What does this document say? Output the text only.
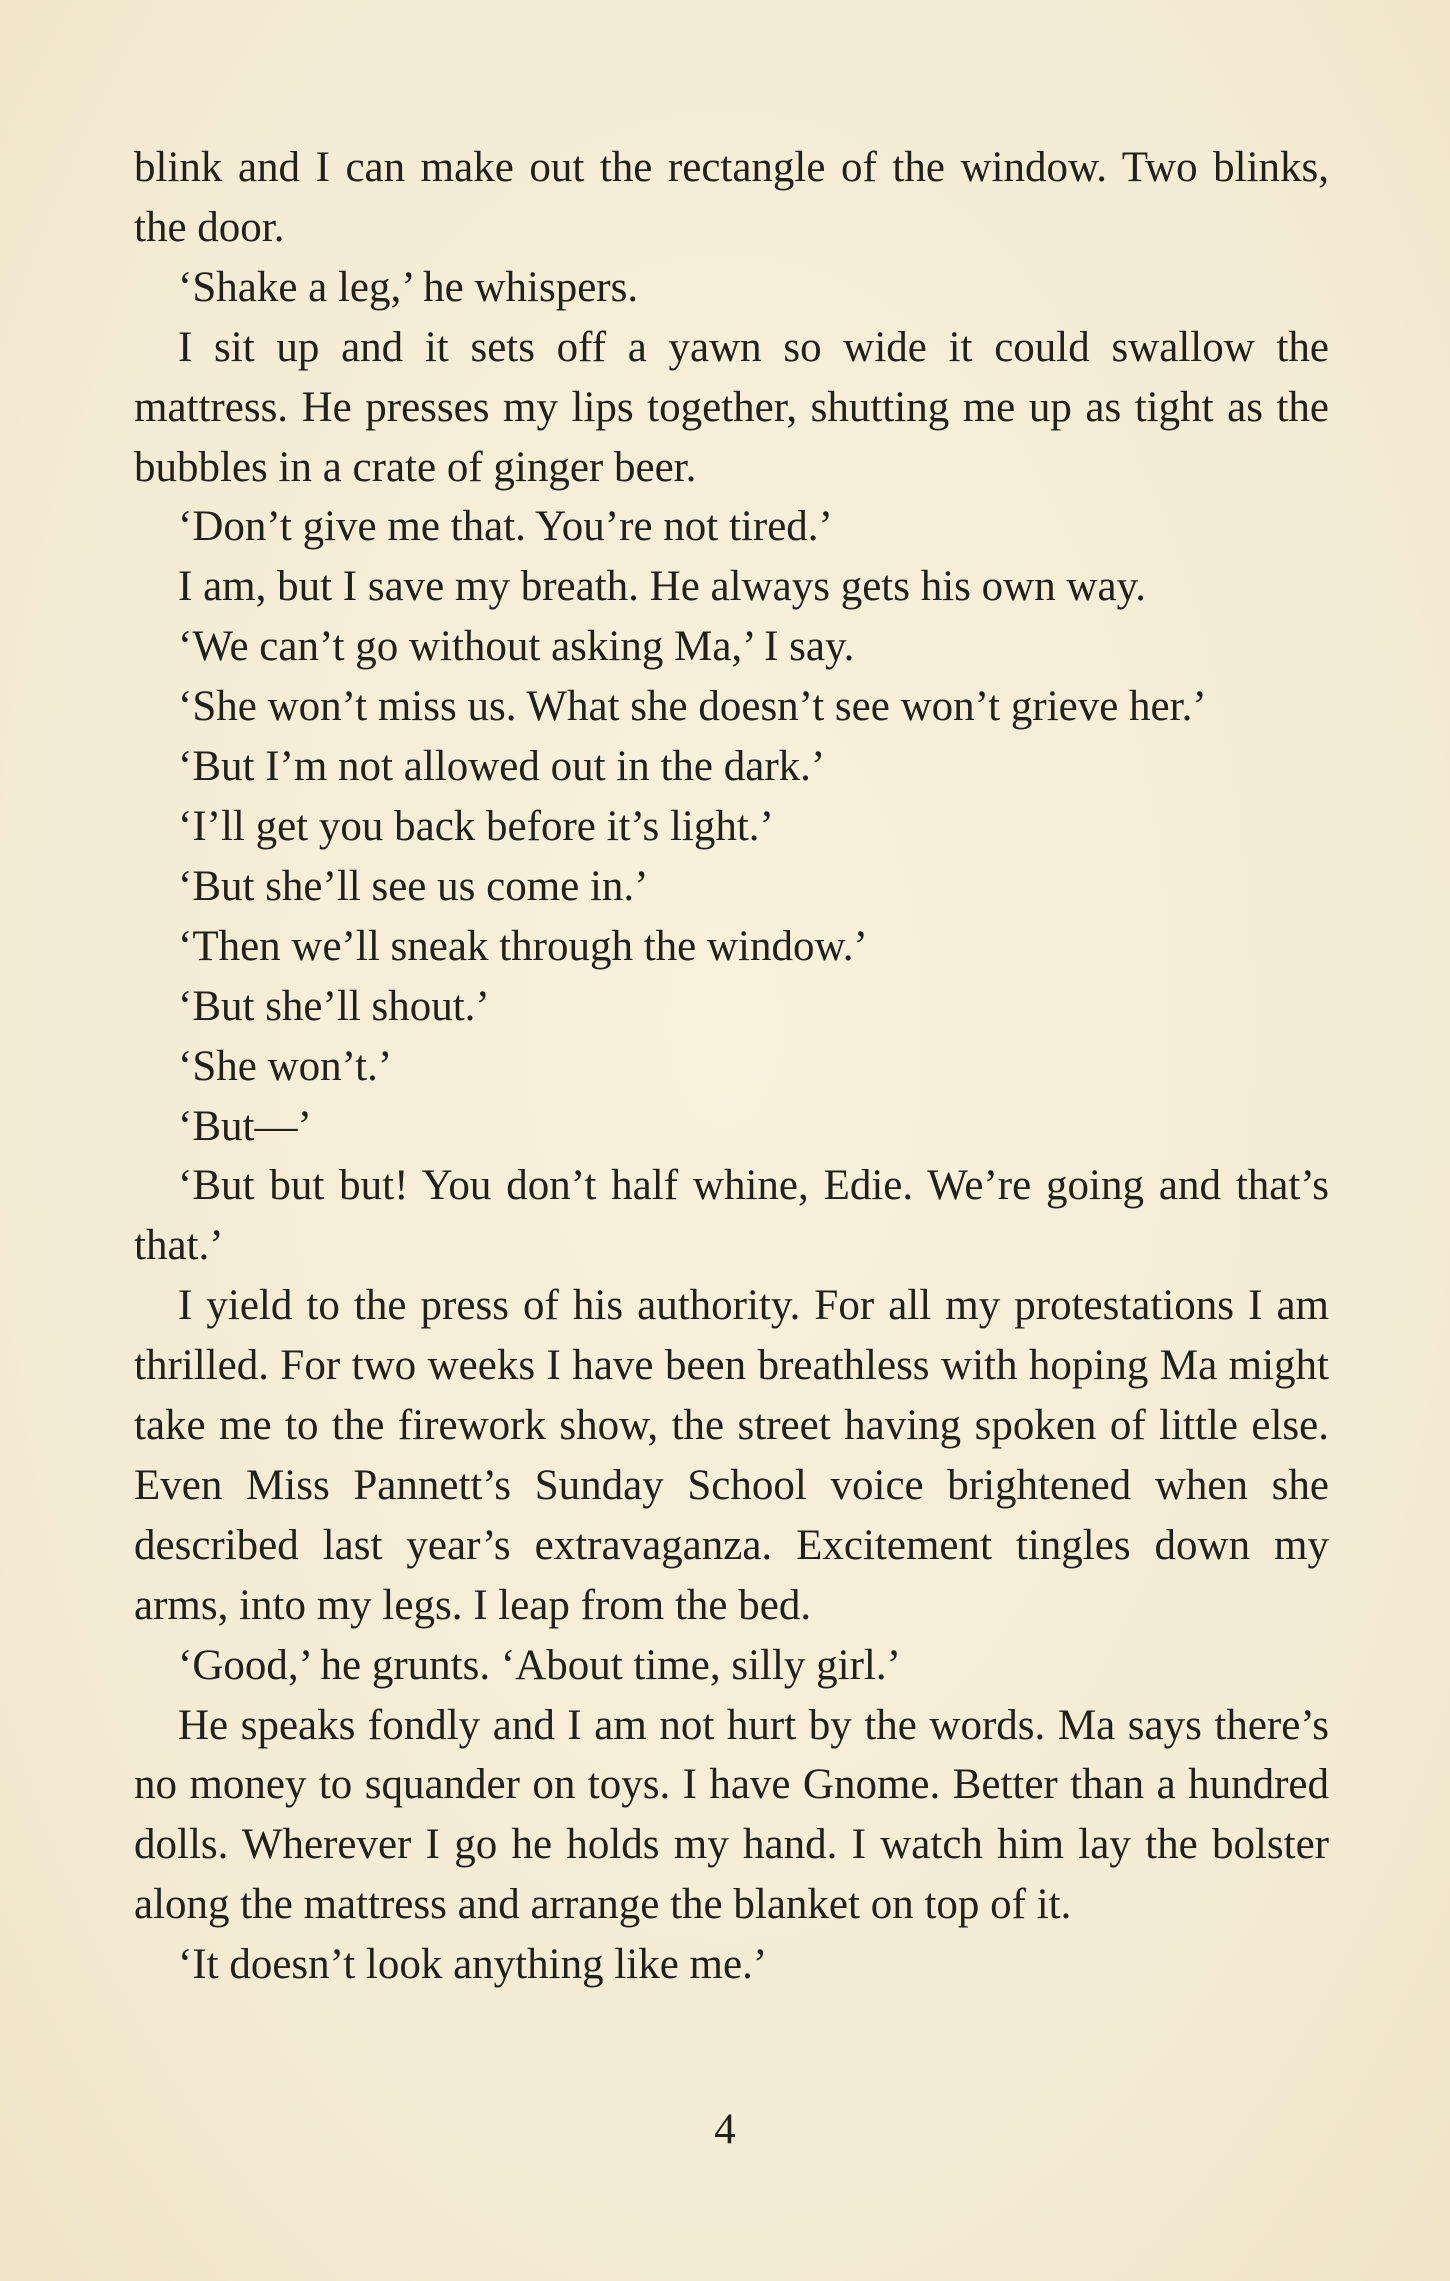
blink and I can make out the rectangle of the window. Two blinks, the door.

‘Shake a leg,’ he whispers.

I sit up and it sets off a yawn so wide it could swallow the mattress. He presses my lips together, shutting me up as tight as the bubbles in a crate of ginger beer.

‘Don’t give me that. You’re not tired.’

I am, but I save my breath. He always gets his own way.

‘We can’t go without asking Ma,’ I say.

‘She won’t miss us. What she doesn’t see won’t grieve her.’

‘But I’m not allowed out in the dark.’

‘I’ll get you back before it’s light.’

‘But she’ll see us come in.’

‘Then we’ll sneak through the window.’

‘But she’ll shout.’

‘She won’t.’

‘But—’

‘But but but! You don’t half whine, Edie. We’re going and that’s that.’

I yield to the press of his authority. For all my protestations I am thrilled. For two weeks I have been breathless with hoping Ma might take me to the firework show, the street having spoken of little else. Even Miss Pannett’s Sunday School voice brightened when she described last year’s extravaganza. Excitement tingles down my arms, into my legs. I leap from the bed.

‘Good,’ he grunts. ‘About time, silly girl.’

He speaks fondly and I am not hurt by the words. Ma says there’s no money to squander on toys. I have Gnome. Better than a hundred dolls. Wherever I go he holds my hand. I watch him lay the bolster along the mattress and arrange the blanket on top of it.

‘It doesn’t look anything like me.’

4
